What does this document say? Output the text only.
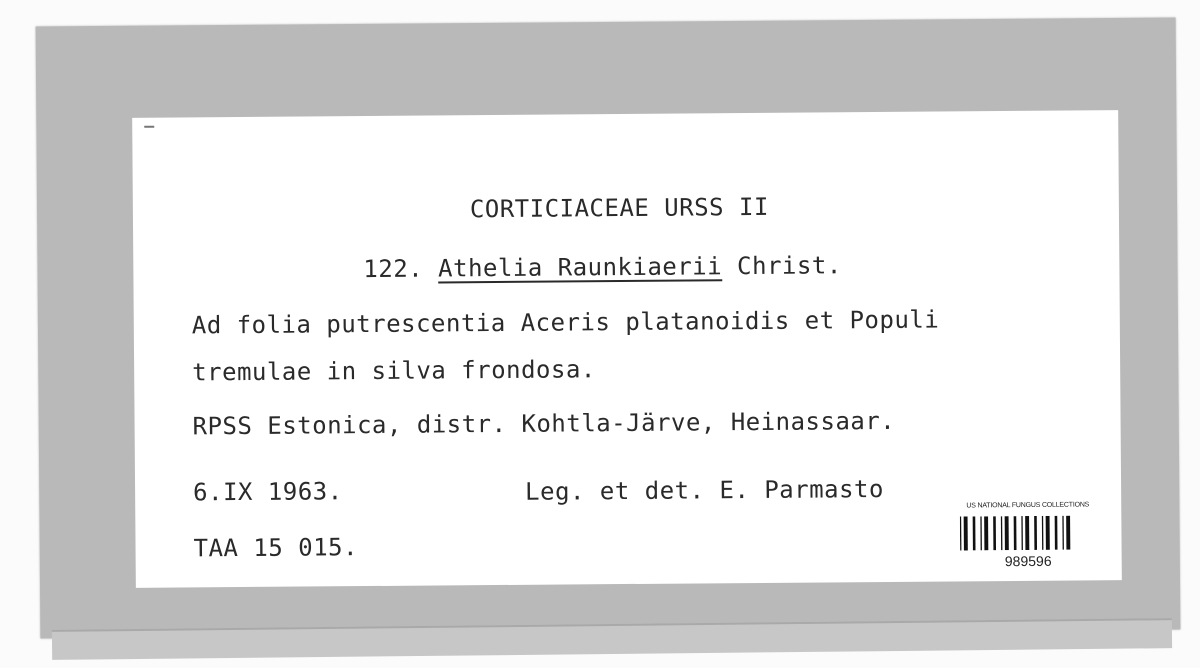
CORTICIACEAE URSS II
122. Athelia Raunkiaerii Christ.
Ad folia putrescentia Aceris platanoidis et Populi
tremulae in silva frondosa.
RPSS Estonica, distr. Kohtla-Järve, Heinassaar.
6.IX 1963.	Leg. et det. E. Parmasto
TAA 15 015.
US NATIONAL FUNGUS COLLECTIONS
989596
